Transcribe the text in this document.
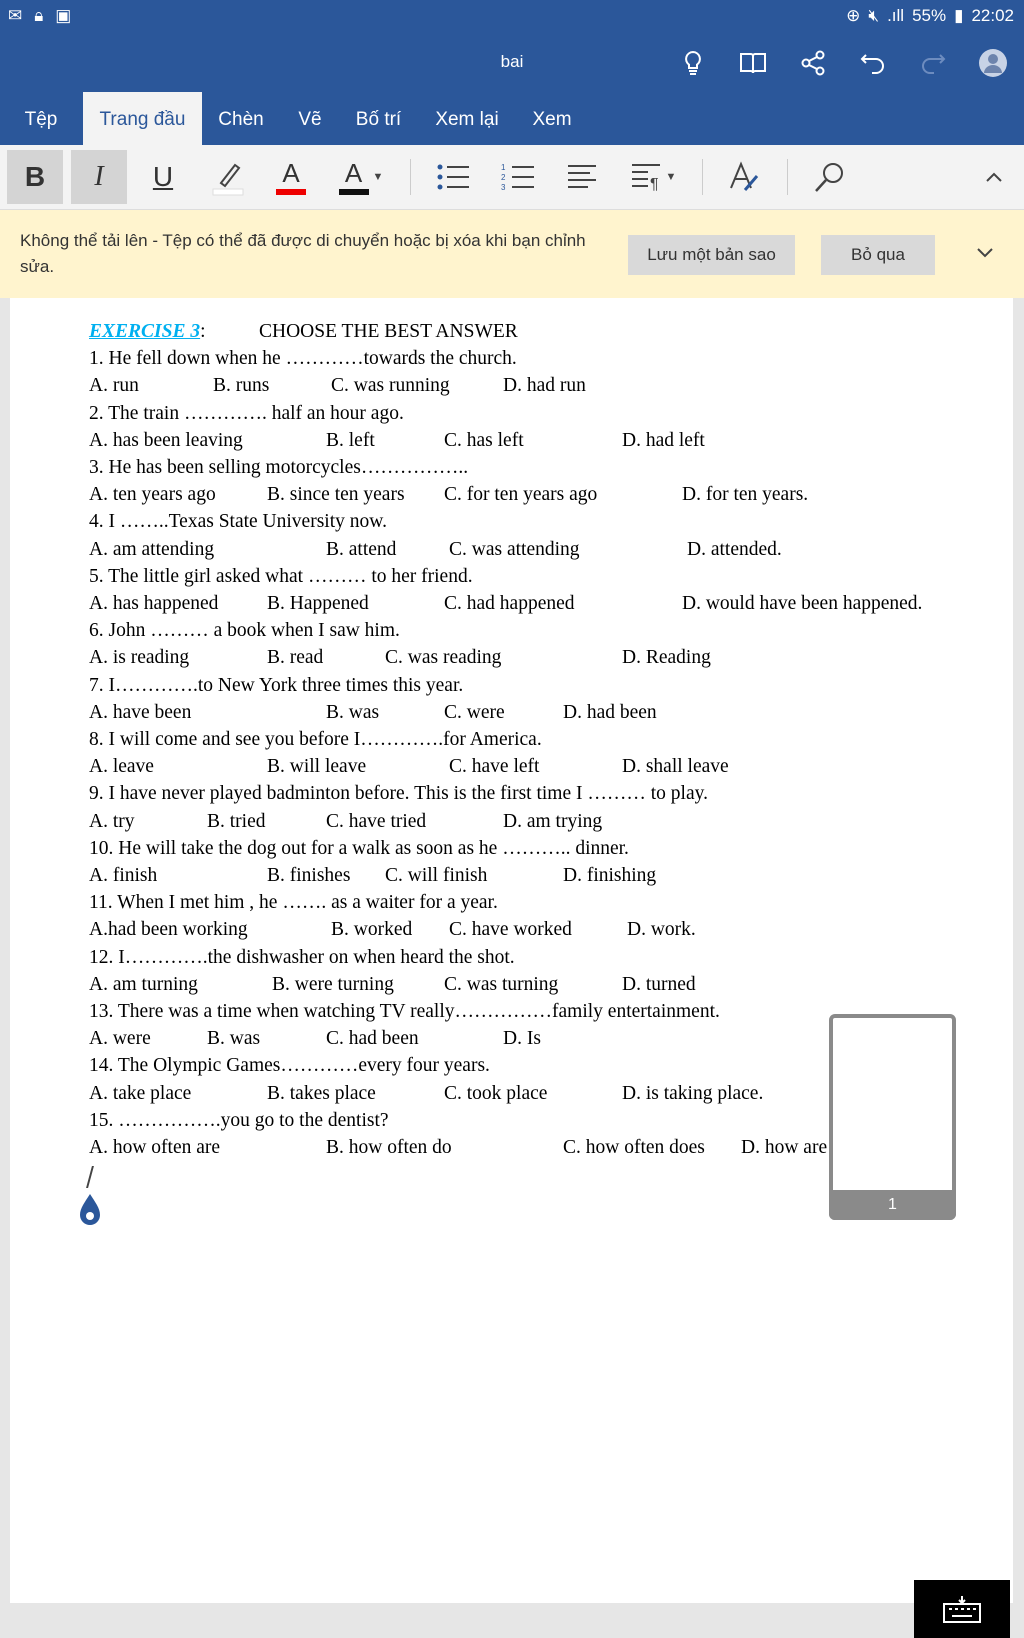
✉ 🔒︎ ▣	⊕ 🔇︎ .ıll 55% ▮ 22:02
bai
Tệp	Trang đầu	Chèn	Vẽ	Bố trí	Xem lại Xem
B I U	A A ▼
1
2
3	¶ ▼
Không thể tải lên - Tệp có thể đã được di chuyển hoặc bị xóa khi bạn chỉnh sửa.
Lưu một bản sao	Bỏ qua
EXERCISE 3:	CHOOSE THE BEST ANSWER
1. He fell down when he …………towards the church.
A. run	B. runs	C. was running	D. had run
2. The train …………. half an hour ago.
A. has been leaving	B. left	C. has left	D. had left
3. He has been selling motorcycles……………..
A. ten years ago	B. since ten years C. for ten years ago	D. for ten years.
4. I ……..Texas State University now.
A. am attending	B. attend	C. was attending	D. attended.
5. The little girl asked what ……… to her friend.
A. has happened B. Happened	C. had happened	D. would have been happened.
6. John ……… a book when I saw him.
A. is reading	B. read	C. was reading	D. Reading
7. I………….to New York three times this year.
A. have been	B. was	C. were	D. had been
8. I will come and see you before I………….for America.
A. leave	B. will leave	C. have left	D. shall leave
9. I have never played badminton before. This is the first time I ……… to play.
A. try	B. tried	C. have tried	D. am trying
10. He will take the dog out for a walk as soon as he ……….. dinner.
A. finish	B. finishes C. will finish	D. finishing
11. When I met him , he ……. as a waiter for a year.
A.had been working	B. worked C. have worked	D. work.
12. I………….the dishwasher on when heard the shot.
A. am turning	B. were turning	C. was turning	D. turned
13. There was a time when watching TV really……………family entertainment.
A. were	B. was	C. had been	D. Is
14. The Olympic Games…………every four years.
A. take place	B. takes place	C. took place	D. is taking place.
15. …………….you go to the dentist?
A. how often are	B. how often do	C. how often does D. how are
1
